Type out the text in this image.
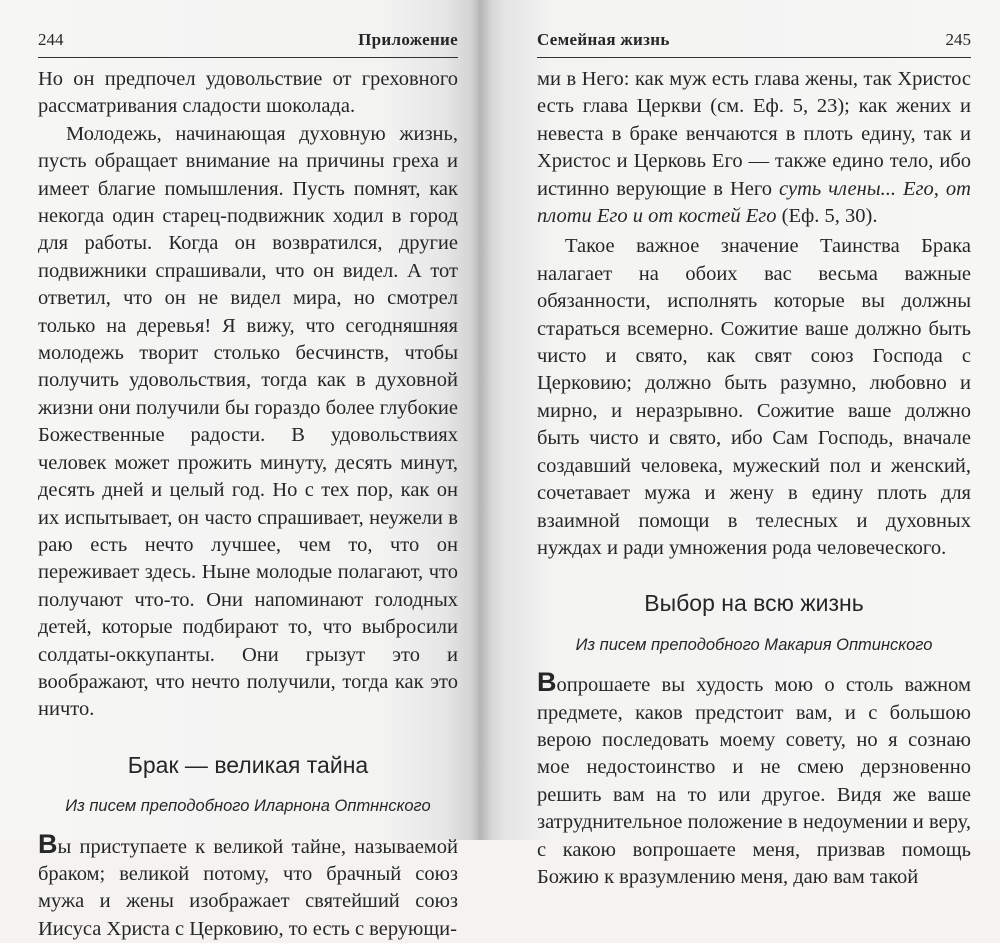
244	Приложение

Но он предпочел удовольствие от греховного рассматривания сладости шоколада.

Молодежь, начинающая духовную жизнь, пусть обращает внимание на причины греха и имеет благие помышления. Пусть помнят, как некогда один старец-подвижник ходил в город для работы. Когда он возвратился, другие подвижники спрашивали, что он видел. А тот ответил, что он не видел мира, но смотрел только на деревья! Я вижу, что сегодняшняя молодежь творит столько бесчинств, чтобы получить удовольствия, тогда как в духовной жизни они получили бы гораздо более глубокие Божественные радости. В удовольствиях человек может прожить минуту, десять минут, десять дней и целый год. Но с тех пор, как он их испытывает, он часто спрашивает, неужели в раю есть нечто лучшее, чем то, что он переживает здесь. Ныне молодые полагают, что получают что-то. Они напоминают голодных детей, которые подбирают то, что выбросили солдаты-оккупанты. Они грызут это и воображают, что нечто получили, тогда как это ничто.

Брак — великая тайна
Из писем преподобного Иларнона Оптннского

Вы приступаете к великой тайне, называемой браком; великой потому, что брачный союз мужа и жены изображает святейший союз Иисуса Христа с Церковию, то есть с верующи-

Семейная жизнь	245

ми в Него: как муж есть глава жены, так Христос есть глава Церкви (см. Еф. 5, 23); как жених и невеста в браке венчаются в плоть едину, так и Христос и Церковь Его — также едино тело, ибо истинно верующие в Него суть члены... Его, от плоти Его и от костей Его (Еф. 5, 30).

Такое важное значение Таинства Брака налагает на обоих вас весьма важные обязанности, исполнять которые вы должны стараться всемерно. Сожитие ваше должно быть чисто и свято, как свят союз Господа с Церковию; должно быть разумно, любовно и мирно, и неразрывно. Сожитие ваше должно быть чисто и свято, ибо Сам Господь, вначале создавший человека, мужеский пол и женский, сочетавает мужа и жену в едину плоть для взаимной помощи в телесных и духовных нуждах и ради умножения рода человеческого.

Выбор на всю жизнь
Из писем преподобного Макария Оптинского

Вопрошаете вы худость мою о столь важном предмете, каков предстоит вам, и с большою верою последовать моему совету, но я сознаю мое недостоинство и не смею дерзновенно решить вам на то или другое. Видя же ваше затруднительное положение в недоумении и веру, с какою вопрошаете меня, призвав помощь Божию к вразумлению меня, даю вам такой
